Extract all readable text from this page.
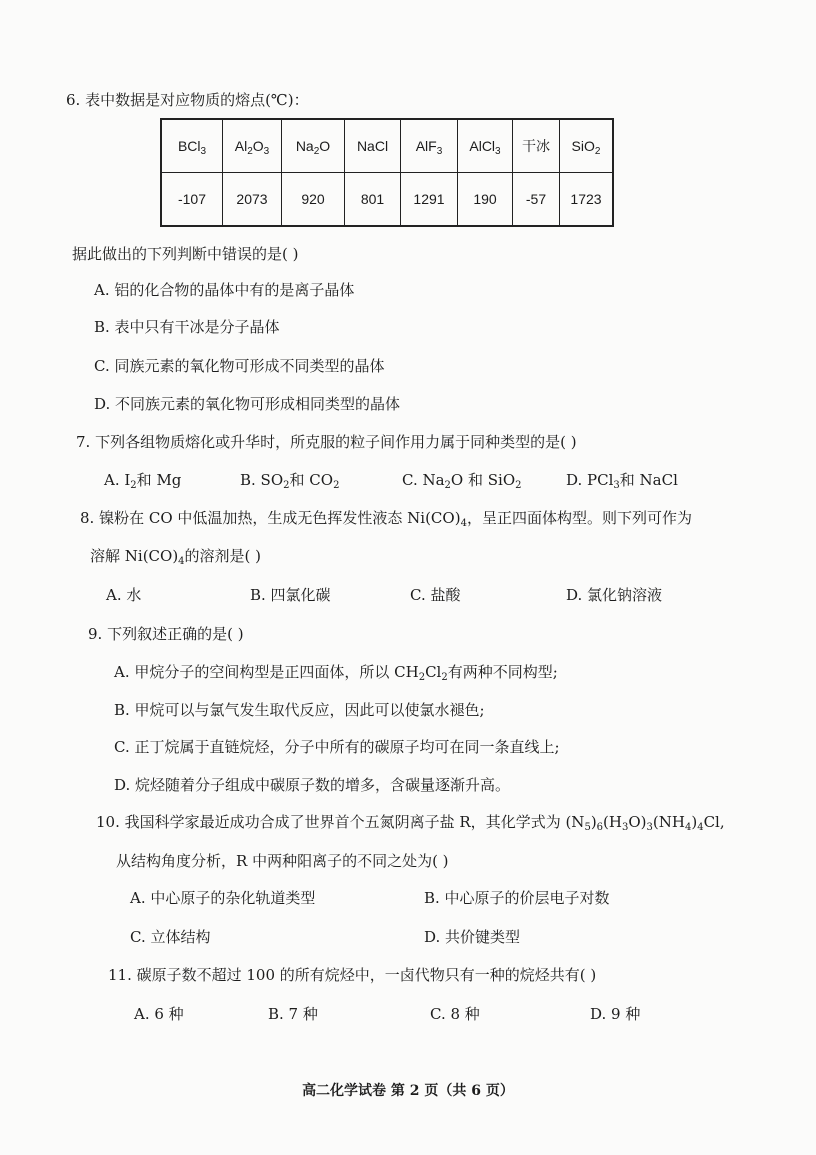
6. 表中数据是对应物质的熔点(℃)：
BCl$_3$	$Al_2O_3$	$Na_2O$	NaCl	AlF$_3$	AlCl$_3$	干冰	SiO$_2$
-107	2073	920	801	1291	190	-57	1723
据此做出的下列判断中错误的是( )
A. 铝的化合物的晶体中有的是离子晶体
B. 表中只有干冰是分子晶体
C. 同族元素的氧化物可形成不同类型的晶体
D. 不同族元素的氧化物可形成相同类型的晶体
7. 下列各组物质熔化或升华时，所克服的粒子间作用力属于同种类型的是( )
A. $I_2$和 Mg	B. $SO_2$和 $CO_2$	C. $Na_2O$ 和 SiO$_2$	D. PCl$_3$和 NaCl
8. 镍粉在 CO 中低温加热，生成无色挥发性液态 $Ni(CO)_4$，呈正四面体构型。则下列可作为
溶解 $Ni(CO)_4$的溶剂是( )
A. 水	B. 四氯化碳	C. 盐酸	D. 氯化钠溶液
9. 下列叙述正确的是( )
A. 甲烷分子的空间构型是正四面体，所以 $CH_2Cl_2$有两种不同构型;
B. 甲烷可以与氯气发生取代反应，因此可以使氯水褪色;
C. 正丁烷属于直链烷烃，分子中所有的碳原子均可在同一条直线上;
D. 烷烃随着分子组成中碳原子数的增多，含碳量逐渐升高。
10. 我国科学家最近成功合成了世界首个五氮阴离子盐 R，其化学式为 $(N_5)_6(H_3O)_3(NH_4)_4Cl$,
从结构角度分析，R 中两种阳离子的不同之处为( )
A. 中心原子的杂化轨道类型	B. 中心原子的价层电子对数
C. 立体结构	D. 共价键类型
11. 碳原子数不超过 100 的所有烷烃中，一卤代物只有一种的烷烃共有( )
A. 6 种	B. 7 种	C. 8 种	D. 9 种
高二化学试卷 第 2 页（共 6 页）
